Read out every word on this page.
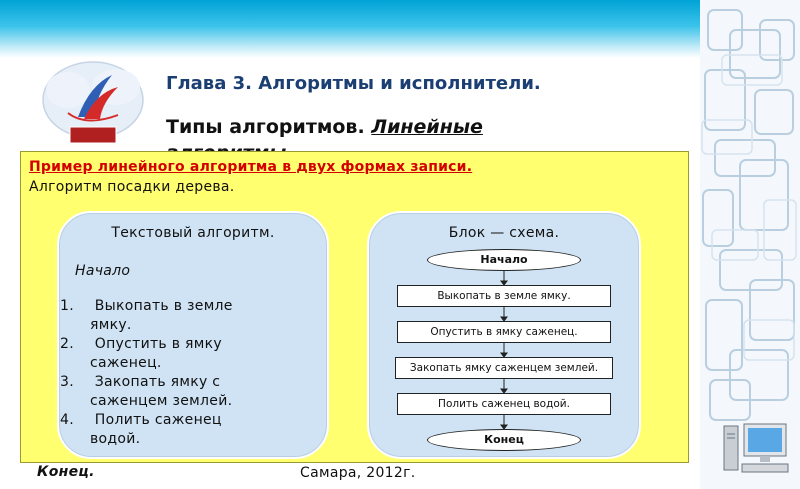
Глава 3. Алгоритмы и исполнители.
Типы алгоритмов. Линейные

Пример линейного алгоритма в двух формах записи.

Алгоритм посадки дерева.

Текстовый алгоритм.

Начало

1. Выкопать в земле ямку.
2. Опустить в ямку саженец.
3. Закопать ямку с саженцем землей.
4. Полить саженец водой.

Блок — схема.

Начало
Выкопать в земле ямку.
Опустить в ямку саженец.
Закопать ямку саженцем землей.
Полить саженец водой.
Конец

Конец.	Самара, 2012г.
